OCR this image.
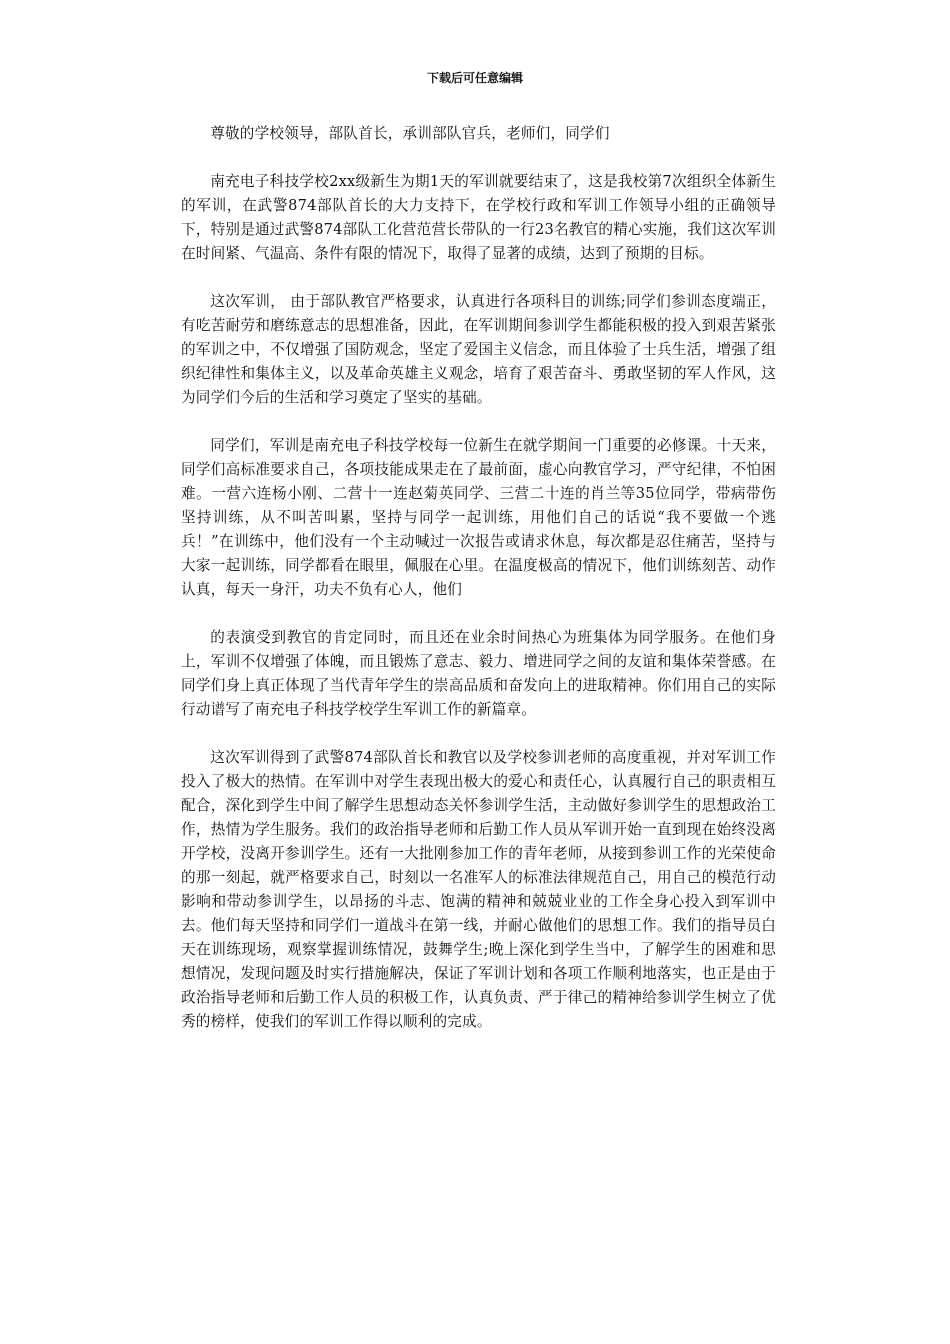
下载后可任意编辑

尊敬的学校领导，部队首长，承训部队官兵，老师们，同学们

南充电子科技学校2xx级新生为期1天的军训就要结束了，这是我校第7次组织全体新生的军训，在武警874部队首长的大力支持下，在学校行政和军训工作领导小组的正确领导下，特别是通过武警874部队工化营范营长带队的一行23名教官的精心实施，我们这次军训在时间紧、气温高、条件有限的情况下，取得了显著的成绩，达到了预期的目标。

这次军训， 由于部队教官严格要求，认真进行各项科目的训练;同学们参训态度端正，有吃苦耐劳和磨练意志的思想准备，因此，在军训期间参训学生都能积极的投入到艰苦紧张的军训之中，不仅增强了国防观念，坚定了爱国主义信念，而且体验了士兵生活，增强了组织纪律性和集体主义，以及革命英雄主义观念，培育了艰苦奋斗、勇敢坚韧的军人作风，这为同学们今后的生活和学习奠定了坚实的基础。

同学们，军训是南充电子科技学校每一位新生在就学期间一门重要的必修课。十天来，同学们高标准要求自己，各项技能成果走在了最前面，虚心向教官学习，严守纪律，不怕困难。一营六连杨小刚、二营十一连赵菊英同学、三营二十连的肖兰等35位同学，带病带伤坚持训练，从不叫苦叫累，坚持与同学一起训练，用他们自己的话说“我不要做一个逃兵！”在训练中，他们没有一个主动喊过一次报告或请求休息，每次都是忍住痛苦，坚持与大家一起训练，同学都看在眼里，佩服在心里。在温度极高的情况下，他们训练刻苦、动作认真，每天一身汗，功夫不负有心人，他们

的表演受到教官的肯定同时，而且还在业余时间热心为班集体为同学服务。在他们身上，军训不仅增强了体魄，而且锻炼了意志、毅力、增进同学之间的友谊和集体荣誉感。在同学们身上真正体现了当代青年学生的崇高品质和奋发向上的进取精神。你们用自己的实际行动谱写了南充电子科技学校学生军训工作的新篇章。

这次军训得到了武警874部队首长和教官以及学校参训老师的高度重视，并对军训工作投入了极大的热情。在军训中对学生表现出极大的爱心和责任心，认真履行自己的职责相互配合，深化到学生中间了解学生思想动态关怀参训学生活，主动做好参训学生的思想政治工作，热情为学生服务。我们的政治指导老师和后勤工作人员从军训开始一直到现在始终没离开学校，没离开参训学生。还有一大批刚参加工作的青年老师，从接到参训工作的光荣使命的那一刻起，就严格要求自己，时刻以一名准军人的标准法律规范自己，用自己的模范行动影响和带动参训学生，以昂扬的斗志、饱满的精神和兢兢业业的工作全身心投入到军训中去。他们每天坚持和同学们一道战斗在第一线，并耐心做他们的思想工作。我们的指导员白天在训练现场，观察掌握训练情况，鼓舞学生;晚上深化到学生当中，了解学生的困难和思想情况，发现问题及时实行措施解决，保证了军训计划和各项工作顺利地落实，也正是由于政治指导老师和后勤工作人员的积极工作，认真负责、严于律己的精神给参训学生树立了优秀的榜样，使我们的军训工作得以顺利的完成。
